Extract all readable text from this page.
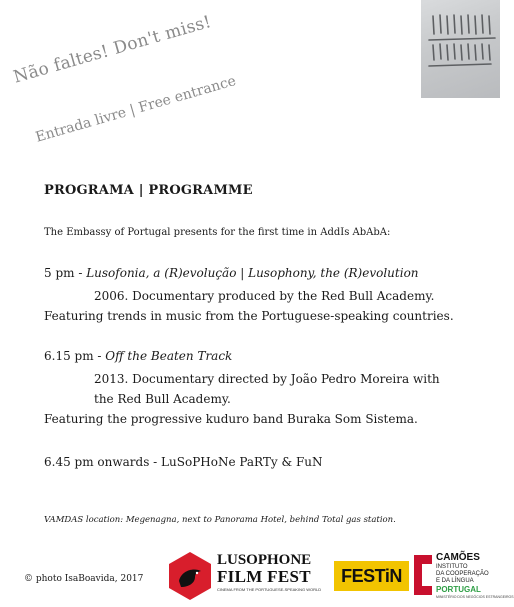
Não faltes! Don't miss!
Entrada livre | Free entrance
PROGRAMA | PROGRAMME
The Embassy of Portugal presents for the first time in AddIs AbAbA:
5 pm - Lusofonia, a (R)evolução | Lusophony, the (R)evolution
2006. Documentary produced by the Red Bull Academy.
Featuring trends in music from the Portuguese-speaking countries.
6.15 pm - Off the Beaten Track
2013. Documentary directed by João Pedro Moreira with
the Red Bull Academy.
Featuring the progressive kuduro band Buraka Som Sistema.
6.45 pm onwards - LuSoPHoNe PaRTy & FuN
VAMDAS location: Megenagna, next to Panorama Hotel, behind Total gas station.
© photo IsaBoavida, 2017
LUSOPHONE
FILM FEST
CINEMA FROM THE PORTUGUESE-SPEAKING WORLD
FESTiN
CAMÕES
INSTITUTO
DA COOPERAÇÃO
E DA LÍNGUA
PORTUGAL
MINISTÉRIO DOS NEGÓCIOS ESTRANGEIROS
